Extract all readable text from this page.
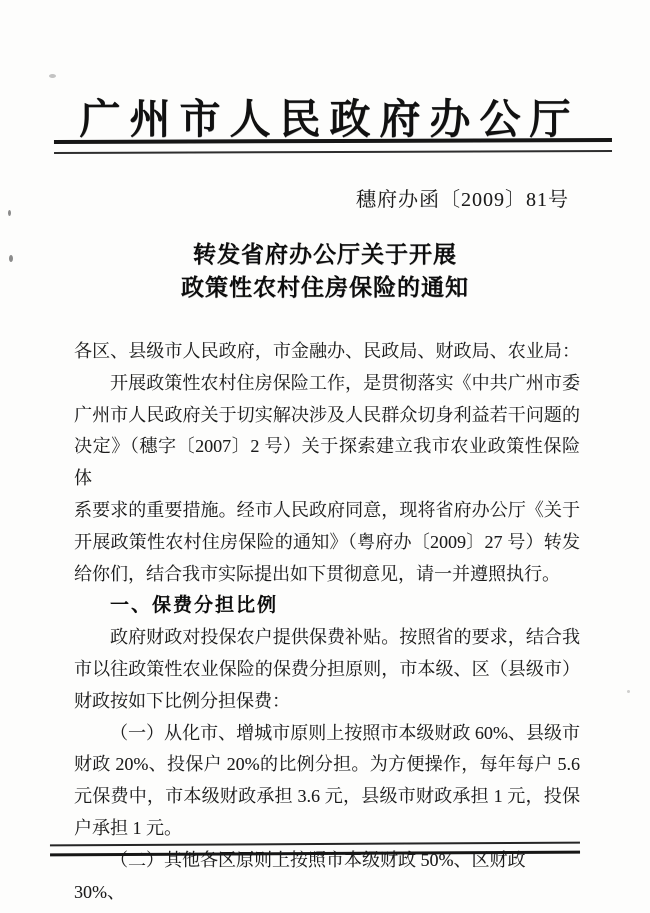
广州市人民政府办公厅
穗府办函〔2009〕81号
转发省府办公厅关于开展
政策性农村住房保险的通知
各区、县级市人民政府，市金融办、民政局、财政局、农业局：
开展政策性农村住房保险工作，是贯彻落实《中共广州市委
广州市人民政府关于切实解决涉及人民群众切身利益若干问题的
决定》（穗字〔2007〕2 号）关于探索建立我市农业政策性保险体
系要求的重要措施。经市人民政府同意，现将省府办公厅《关于
开展政策性农村住房保险的通知》（粤府办〔2009〕27 号）转发
给你们，结合我市实际提出如下贯彻意见，请一并遵照执行。
一、保费分担比例
政府财政对投保农户提供保费补贴。按照省的要求，结合我
市以往政策性农业保险的保费分担原则，市本级、区（县级市）
财政按如下比例分担保费：
（一）从化市、增城市原则上按照市本级财政 60%、县级市
财政 20%、投保户 20%的比例分担。为方便操作，每年每户 5.6
元保费中，市本级财政承担 3.6 元，县级市财政承担 1 元，投保
户承担 1 元。
（二）其他各区原则上按照市本级财政 50%、区财政 30%、
